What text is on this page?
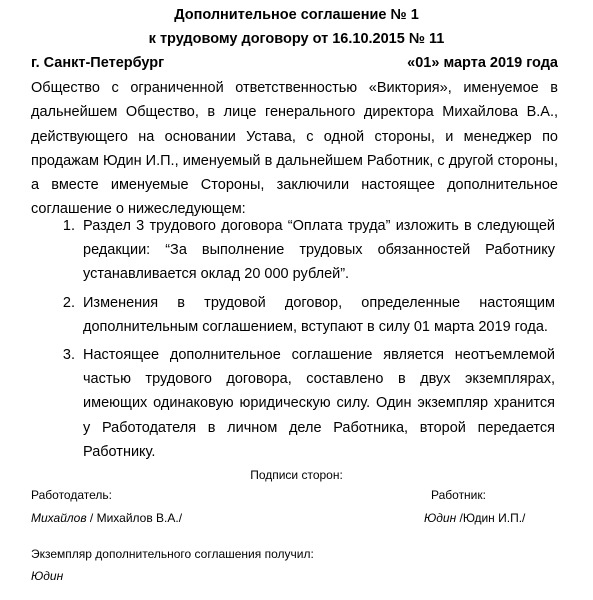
Дополнительное соглашение № 1
к трудовому договору от 16.10.2015 № 11
г. Санкт-Петербург	«01» марта 2019 года
Общество с ограниченной ответственностью «Виктория», именуемое в дальнейшем Общество, в лице генерального директора Михайлова В.А., действующего на основании Устава, с одной стороны, и менеджер по продажам Юдин И.П., именуемый в дальнейшем Работник, с другой стороны, а вместе именуемые Стороны, заключили настоящее дополнительное соглашение о нижеследующем:
1. Раздел 3 трудового договора “Оплата труда” изложить в следующей редакции: “За выполнение трудовых обязанностей Работнику устанавливается оклад 20 000 рублей”.
2. Изменения в трудовой договор, определенные настоящим дополнительным соглашением, вступают в силу 01 марта 2019 года.
3. Настоящее дополнительное соглашение является неотъемлемой частью трудового договора, составлено в двух экземплярах, имеющих одинаковую юридическую силу. Один экземпляр хранится у Работодателя в личном деле Работника, второй передается Работнику.
Подписи сторон:
Работодатель:	Работник:
Михайлов / Михайлов В.А./	Юдин /Юдин И.П./
Экземпляр дополнительного соглашения получил:
Юдин
